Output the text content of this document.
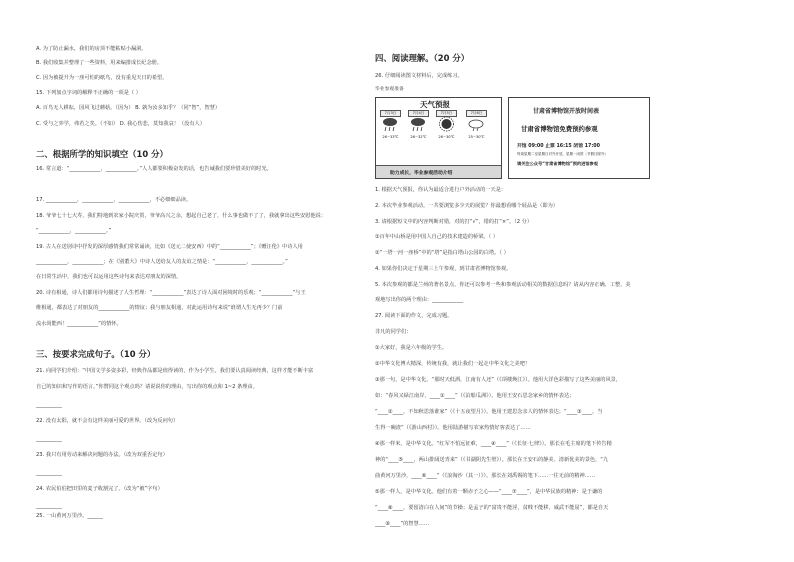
A. 为了防止漏水，我们的房顶不能粘贴小漏洞。
B. 我们收集并整理了一些资料，用来编排成长纪念册。
C. 因为被提升为一座可怕的纸鸟，没有重见天日的希望。
15. 下列加点字词的解释不正确的一项是（ ）
A. 百鸟无人耕耘，园风飞过蘑菇。（因为） B. 孰为汝多知乎？（同“智”，智慧）
C. 受与之弈学，弗若之矣。（不如） D. 我心伤悲，莫知我哀！（没有人）
二、根据所学的知识填空（10 分）
16. 常言道：“____________，____________。”人人都要积极奋发的话，也告诫我们要珍惜美好的时光。
17. ____________，____________，____________，不必细细品读。
18. 爷爷七十七大寿，我们特地到农家小院庆贺，爷爷高兴之余，想起自己老了，什么事也做不了了，我就拿出这些安慰他说：
“____________，____________。”
19. 古人在送别诗中抒发的深厚感情我们常常诵读，比如《送元二使安西》中的“____________”；《赠汪伦》中诗人用
____________，____________；在《别董大》中诗人送给友人的友谊之情是：“____________，____________。”
在日常生活中，我们也可以运用这些诗句来表达对朋友的深情。
20. 诗有相通，诗人们都用诗句描述了人生哲理：“____________”表达了诗人面对困境时的乐观；“____________”与王
维相通，都表达了对朋友的____________的情谊；我与朋友相通，对此运用诗句来说“谁谓人生无再少？门前
流水尚能西！____________”的情怀。
三、按要求完成句子。（10 分）
21. 向同学们介绍：“中国文学多姿多彩，经典作品都是值得读的，作为小学生，我们要认真阅读经典，这样才能不断丰富
自己的知识和写作的语言。”你赞同这个观点吗？请说说你的理由，写出你的观点和 1~2 条理由。
__________
22. 没有太阳，就不会有这样美丽可爱的世界。（改为反问句）
__________
23. 我只有用劳动来解决问题的办法。（改为双重否定句）
__________
24. 农民伯伯把田里的麦子收割完了。（改为“被”字句）
__________
25. 一山黄河万里沙。______
四、阅读理解。（20 分）
26. 仔细阅读图文材料后，完成练习。
毕业参观准备
天气预报
7月3日
26~33℃
7月4日
26~32℃
7月5日
26~30℃
7月6日
25~30℃
助力成长，毕业参观活动介绍
甘肃省博物馆开放时间表
甘肃省博物馆免费预约参观
开馆 09:00 止票 16:15 闭馆 17:00
每周星期二至星期日对外开放，星期一闭馆（节假日除外）
请关注公众号“甘肃省博物馆”预约进馆参观
1. 根据天气预报，你认为最适合进行户外活动的一天是：
2. 本次毕业参观活动，一共要浏览多少天的展览？你最想看哪个展品是（即为）
3. 请根据短文中的内容判断对错，对的打“√”，错的打“×”。（2 分）
①百年中山桥是用中国人自己的技术建造的桥梁。（ ）
②“一塔一河一座桥”中的“塔”是指白塔山公园的白塔。（ ）
4. 如果你们决定于星期三上午参观，到甘肃省博物馆参观。
5. 本次参观的都是兰州的著名景点，你还可以参考一些和参观活动相关的数据信息吗？请从内容正确、工整、美
观地写出你的两个理由：____________
27. 阅读下面的作文，完成习题。
非凡的同学们：
①大家好，我是六年级的学生。
②中华文化博大精深，传统有我，就让我们一起走中华文化之美吧！
③那一句，是中华文化。“那时天低酒，江南有人还”（《项楼焕江》）。他用大洋色彩描写了这些美丽的风景，
如：“春风又绿江南岸，____①____”（《泊船瓜洲》）。他用王安石思念家乡的情怀表达；
“____②____，不知秋思落谁家”（《十五夜望月》）。他用王建思念亲人的情怀表达；“____③____，当
生得一碗渣”（《游山西村》）。他用陆游描写农家热情好客表达了……
④那一样米，是中华文化。“红军不怕远征难，____④____”（《长征·七律》）。那长在毛主席的笔下传告精
神的“____⑤____，两山排闼送青来”（《书湖阴先生壁》）。那长在王安石的静美、清新优美的景色，“九
曲黄河万里沙，____⑥____”（《浪淘沙（其一）》）。那长在刘禹锡的笔下……一往无前的精神……
⑤那一样人，是中华文化。他们有着一颗赤子之心——“____⑦____”，是中华民族的精神：是于谦的
“____⑧____，要留清白在人间”的节操；是孟子的“富贵不能淫，贫贱不能移，威武不能屈”，都是自天
____⑨____”的智慧……
